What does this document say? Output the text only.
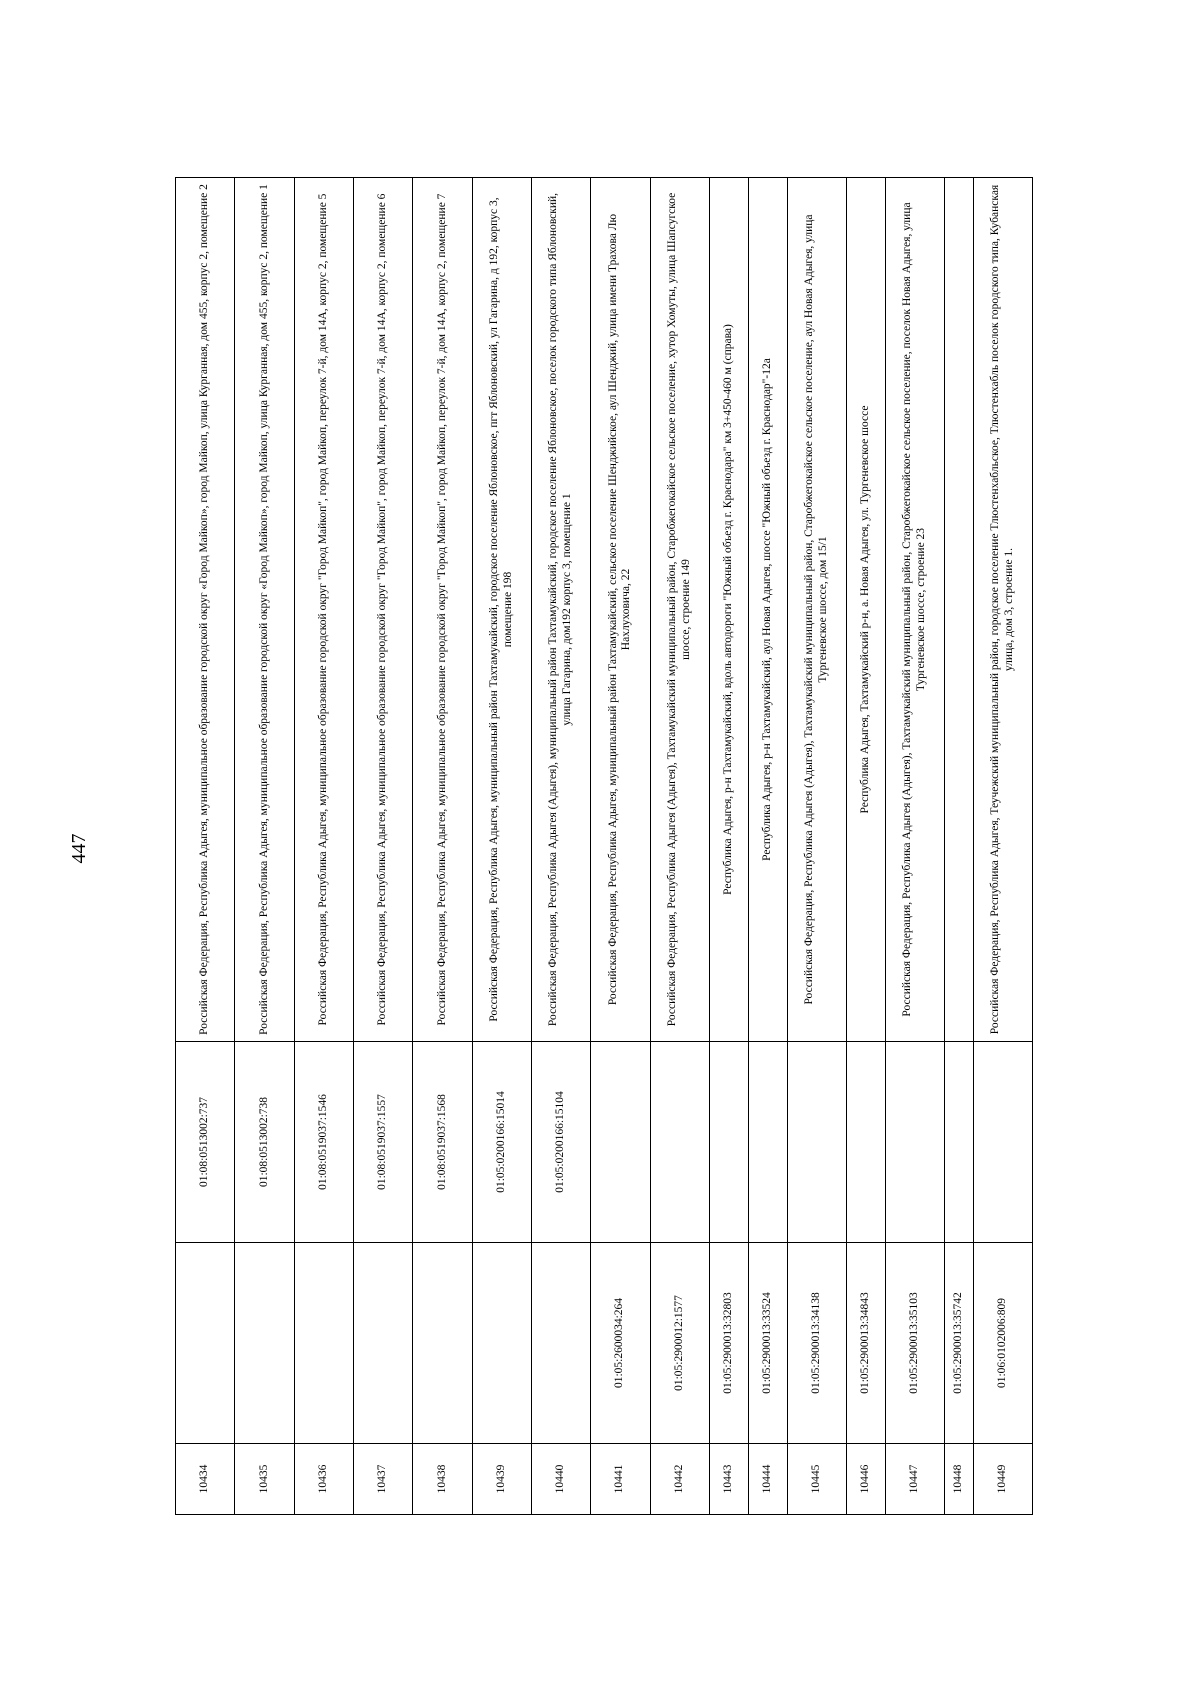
447
10434		01:08:0513002:737	Российская Федерация, Республика Адыгея, муниципальное образование городской округ «Город Майкоп», город Майкоп, улица Курганная, дом 455, корпус 2, помещение 2
10435		01:08:0513002:738	Российская Федерация, Республика Адыгея, муниципальное образование городской округ «Город Майкоп», город Майкоп, улица Курганная, дом 455, корпус 2, помещение 1
10436		01:08:0519037:1546	Российская Федерация, Республика Адыгея, муниципальное образование городской округ "Город Майкоп", город Майкоп, переулок 7-й, дом 14А, корпус 2, помещение 5
10437		01:08:0519037:1557	Российская Федерация, Республика Адыгея, муниципальное образование городской округ "Город Майкоп", город Майкоп, переулок 7-й, дом 14А, корпус 2, помещение 6
10438		01:08:0519037:1568	Российская Федерация, Республика Адыгея, муниципальное образование городской округ "Город Майкоп", город Майкоп, переулок 7-й, дом 14А, корпус 2, помещение 7
10439		01:05:0200166:15014	Российская Федерация, Республика Адыгея, муниципальный район Тахтамукайский, городское поселение Яблоновское, пгт Яблоновский, ул Гагарина, д 192, корпус 3, помещение 198
10440		01:05:0200166:15104	Российская Федерация, Республика Адыгея (Адыгея), муниципальный район Тахтамукайский, городское поселение Яблоновское, поселок городского типа Яблоновский, улица Гагарина, дом192 корпус 3, помещение 1
10441	01:05:2600034:264		Российская Федерация, Республика Адыгея, муниципальный район Тахтамукайский, сельское поселение Шенджийское, аул Шенджий, улица имени Трахова Лю Нахлуховича, 22
10442	01:05:2900012:1577		Российская Федерация, Республика Адыгея (Адыгея), Тахтамукайский муниципальный район, Старобжегокайское сельское поселение, хутор Хомуты, улица Шапсугское шоссе, строение 149
10443	01:05:2900013:32803		Республика Адыгея, р-н Тахтамукайский, вдоль автодороги "Южный объезд г. Краснодара" км 3+450-460 м (справа)
10444	01:05:2900013:33524		Республика Адыгея, р-н Тахтамукайский, аул Новая Адыгея, шоссе "Южный объезд г. Краснодар"-12а
10445	01:05:2900013:34138		Российская Федерация, Республика Адыгея (Адыгея), Тахтамукайский муниципальный район, Старобжегокайское сельское поселение, аул Новая Адыгея, улица Тургеневское шоссе, дом 15/1
10446	01:05:2900013:34843		Республика Адыгея, Тахтамукайский р-н, а. Новая Адыгея, ул. Тургеневское шоссе
10447	01:05:2900013:35103		Российская Федерация, Республика Адыгея (Адыгея), Тахтамукайский муниципальный район, Старобжегокайское сельское поселение, поселок Новая Адыгея, улица Тургеневское шоссе, строение 23
10448	01:05:2900013:35742		
10449	01:06:0102006:809		Российская Федерация, Республика Адыгея, Теучежский муниципальный район, городское поселение Тлюстенхабльское, Тлюстенхабль поселок городского типа, Кубанская улица, дом 3, строение 1.
